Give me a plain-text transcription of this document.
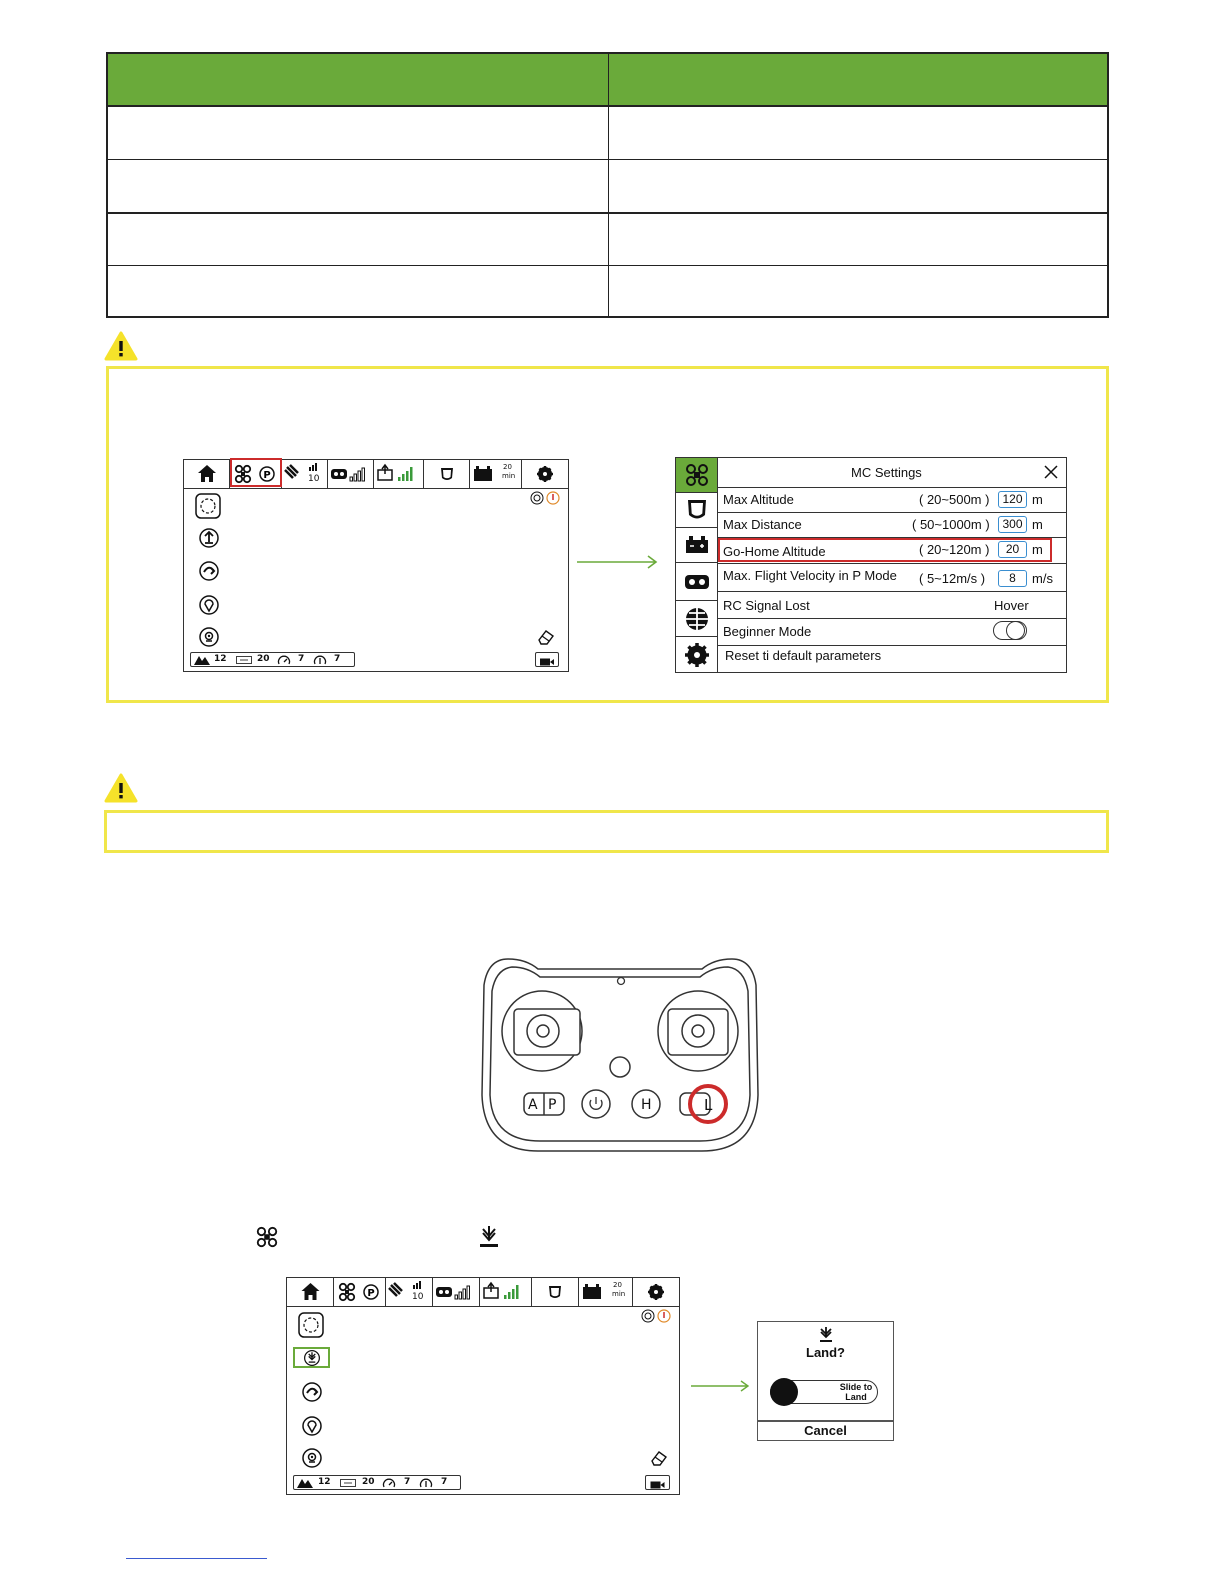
P	10
20
min
12	20	7	7
MC Settings
Max Altitude	( 20~500m )	120 m
Max Distance	( 50~1000m )	300 m
Go-Home Altitude	( 20~120m )	20 m
Max. Flight Velocity in P Mode ( 5~12m/s )	8	m/s
RC Signal Lost	Hover
Beginner Mode
Reset ti default parameters
A P	H	L
P	10
20
min
12	20	7	7
Land?
Slide to Land
Cancel
